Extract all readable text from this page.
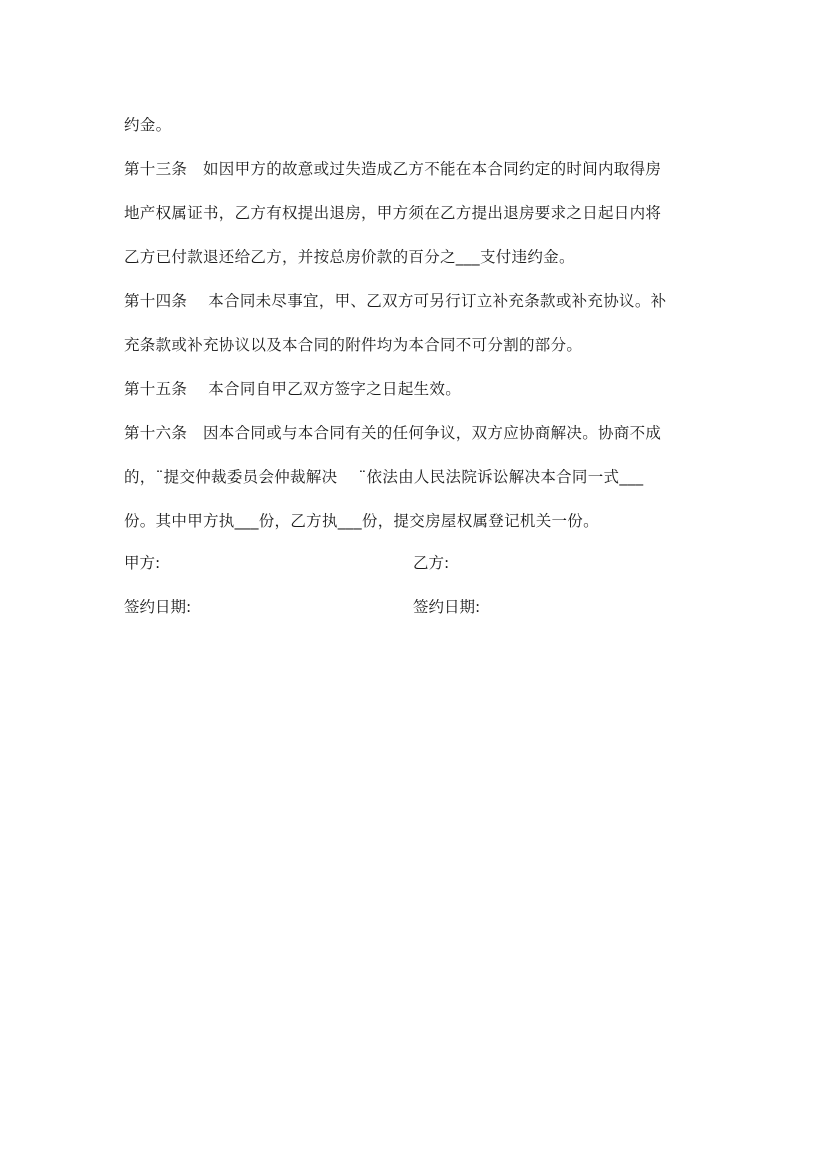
约金。
第十三条　如因甲方的故意或过失造成乙方不能在本合同约定的时间内取得房
地产权属证书，乙方有权提出退房，甲方须在乙方提出退房要求之日起日内将
乙方已付款退还给乙方，并按总房价款的百分之___支付违约金。
第十四条　 本合同未尽事宜，甲、乙双方可另行订立补充条款或补充协议。补
充条款或补充协议以及本合同的附件均为本合同不可分割的部分。
第十五条　 本合同自甲乙双方签字之日起生效。
第十六条　因本合同或与本合同有关的任何争议，双方应协商解决。协商不成
的，¨提交仲裁委员会仲裁解决　 ¨依法由人民法院诉讼解决本合同一式___
份。其中甲方执___份，乙方执___份，提交房屋权属登记机关一份。
甲方:	乙方:
签约日期:	签约日期:
